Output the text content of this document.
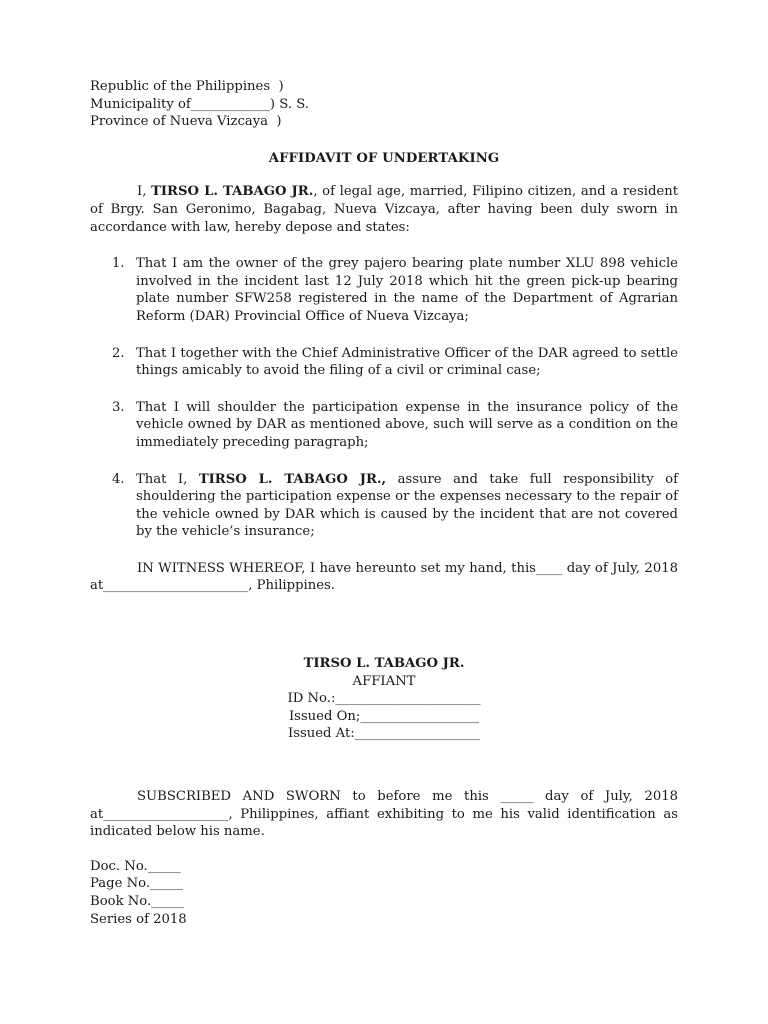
Republic of the Philippines  )
Municipality of____________) S. S.
Province of Nueva Vizcaya  )
AFFIDAVIT OF UNDERTAKING

I, TIRSO L. TABAGO JR., of legal age, married, Filipino citizen, and a resident of Brgy. San Geronimo, Bagabag, Nueva Vizcaya, after having been duly sworn in accordance with law, hereby depose and states:

1. That I am the owner of the grey pajero bearing plate number XLU 898 vehicle involved in the incident last 12 July 2018 which hit the green pick-up bearing plate number SFW258 registered in the name of the Department of Agrarian Reform (DAR) Provincial Office of Nueva Vizcaya;
2. That I together with the Chief Administrative Officer of the DAR agreed to settle things amicably to avoid the filing of a civil or criminal case;
3. That I will shoulder the participation expense in the insurance policy of the vehicle owned by DAR as mentioned above, such will serve as a condition on the immediately preceding paragraph;
4. That I, TIRSO L. TABAGO JR., assure and take full responsibility of shouldering the participation expense or the expenses necessary to the repair of the vehicle owned by DAR which is caused by the incident that are not covered by the vehicle’s insurance;

IN WITNESS WHEREOF, I have hereunto set my hand, this____ day of July, 2018 at______________________, Philippines.

TIRSO L. TABAGO JR.
AFFIANT
ID No.:______________________
Issued On;__________________
Issued At:___________________

SUBSCRIBED AND SWORN to before me this _____ day of July, 2018 at___________________, Philippines, affiant exhibiting to me his valid identification as indicated below his name.

Doc. No._____
Page No._____
Book No._____
Series of 2018
